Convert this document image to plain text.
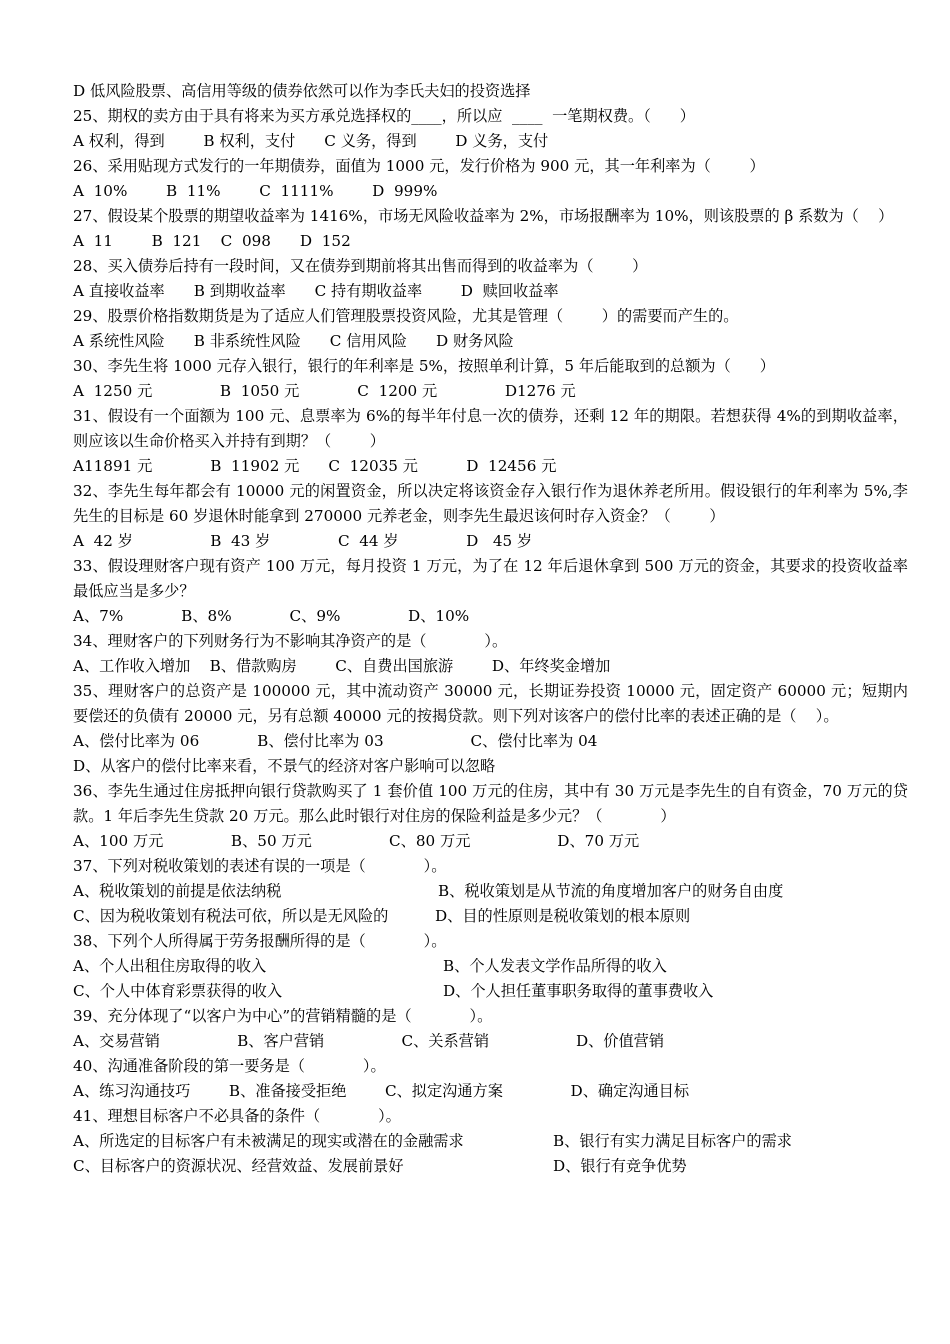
D 低风险股票、高信用等级的债券依然可以作为李氏夫妇的投资选择
25、期权的卖方由于具有将来为买方承兑选择权的____，所以应  ____  一笔期权费。（      ）
A 权利，得到        B 权利，支付      C 义务，得到        D 义务，支付
26、采用贴现方式发行的一年期债券，面值为 1000 元，发行价格为 900 元，其一年利率为（        ）
A  10%        B  11%        C  1111%        D  999%
27、假设某个股票的期望收益率为 1416%，市场无风险收益率为 2%，市场报酬率为 10%，则该股票的 β 系数为（    ）
A  11        B  121    C  098      D  152
28、买入债券后持有一段时间，又在债券到期前将其出售而得到的收益率为（        ）
A 直接收益率      B 到期收益率      C 持有期收益率        D  赎回收益率
29、股票价格指数期货是为了适应人们管理股票投资风险，尤其是管理（        ）的需要而产生的。
A 系统性风险      B 非系统性风险      C 信用风险      D 财务风险
30、李先生将 1000 元存入银行，银行的年利率是 5%，按照单利计算，5 年后能取到的总额为（      ）
A  1250 元              B  1050 元            C  1200 元              D1276 元
31、假设有一个面额为 100 元、息票率为 6%的每半年付息一次的债券，还剩 12 年的期限。若想获得 4%的到期收益率，则应该以生命价格买入并持有到期？（        ）
A11891 元            B  11902 元      C  12035 元          D  12456 元
32、李先生每年都会有 10000 元的闲置资金，所以决定将该资金存入银行作为退休养老所用。假设银行的年利率为 5%,李先生的目标是 60 岁退休时能拿到 270000 元养老金，则李先生最迟该何时存入资金？（        ）
A  42 岁                B  43 岁              C  44 岁              D   45 岁
33、假设理财客户现有资产 100 万元，每月投资 1 万元，为了在 12 年后退休拿到 500 万元的资金，其要求的投资收益率最低应当是多少？
A、7%            B、8%            C、9%              D、10%
34、理财客户的下列财务行为不影响其净资产的是（            ）。
A、工作收入增加    B、借款购房        C、自费出国旅游        D、年终奖金增加
35、理财客户的总资产是 100000 元，其中流动资产 30000 元，长期证券投资 10000 元，固定资产 60000 元；短期内要偿还的负债有 20000 元，另有总额 40000 元的按揭贷款。则下列对该客户的偿付比率的表述正确的是（    ）。
A、偿付比率为 06            B、偿付比率为 03                  C、偿付比率为 04
D、从客户的偿付比率来看，不景气的经济对客户影响可以忽略
36、李先生通过住房抵押向银行贷款购买了 1 套价值 100 万元的住房，其中有 30 万元是李先生的自有资金，70 万元的贷款。1 年后李先生贷款 20 万元。那么此时银行对住房的保险利益是多少元？（            ）
A、100 万元              B、50 万元                C、80 万元                  D、70 万元
37、下列对税收策划的表述有误的一项是（            ）。
A、税收策划的前提是依法纳税	B、税收策划是从节流的角度增加客户的财务自由度
C、因为税收策划有税法可依，所以是无风险的	D、目的性原则是税收策划的根本原则
38、下列个人所得属于劳务报酬所得的是（            ）。
A、个人出租住房取得的收入	B、个人发表文学作品所得的收入
C、个人中体育彩票获得的收入	D、个人担任董事职务取得的董事费收入
39、充分体现了“以客户为中心”的营销精髓的是（            ）。
A、交易营销                B、客户营销                C、关系营销                  D、价值营销
40、沟通准备阶段的第一要务是（            ）。
A、练习沟通技巧        B、准备接受拒绝        C、拟定沟通方案              D、确定沟通目标
41、理想目标客户不必具备的条件（            ）。
A、所选定的目标客户有未被满足的现实或潜在的金融需求	B、银行有实力满足目标客户的需求
C、目标客户的资源状况、经营效益、发展前景好	D、银行有竞争优势
